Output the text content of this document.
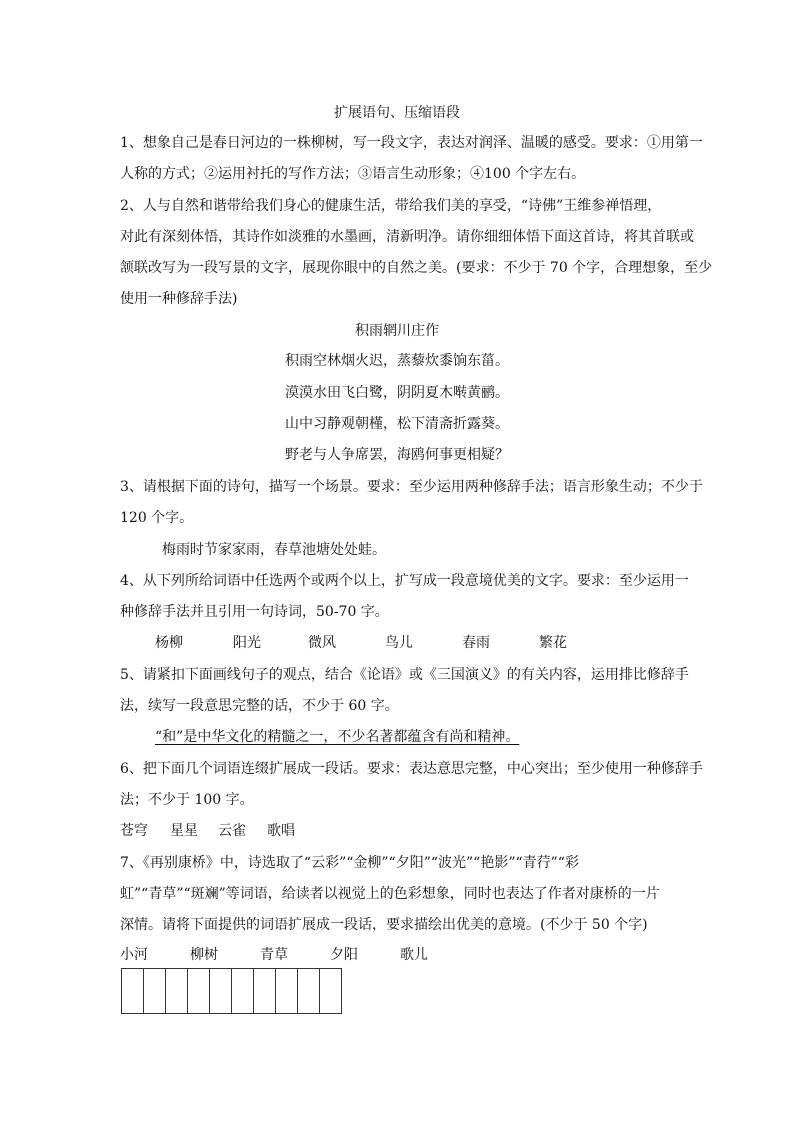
扩展语句、压缩语段
1、想象自己是春日河边的一株柳树，写一段文字，表达对润泽、温暖的感受。要求：①用第一
人称的方式；②运用衬托的写作方法；③语言生动形象；④100 个字左右。
2、人与自然和谐带给我们身心的健康生活，带给我们美的享受，“诗佛”王维参禅悟理，
对此有深刻体悟，其诗作如淡雅的水墨画，清新明净。请你细细体悟下面这首诗，将其首联或
颔联改写为一段写景的文字，展现你眼中的自然之美。(要求：不少于 70 个字，合理想象，至少
使用一种修辞手法)
积雨辋川庄作
积雨空林烟火迟，蒸藜炊黍饷东菑。
漠漠水田飞白鹭，阴阴夏木啭黄鹂。
山中习静观朝槿，松下清斋折露葵。
野老与人争席罢，海鸥何事更相疑？
3、请根据下面的诗句，描写一个场景。要求：至少运用两种修辞手法；语言形象生动；不少于
120 个字。
梅雨时节家家雨，春草池塘处处蛙。
4、从下列所给词语中任选两个或两个以上，扩写成一段意境优美的文字。要求：至少运用一
种修辞手法并且引用一句诗词，50-70 字。
杨柳	阳光	微风	鸟儿	春雨	繁花
5、请紧扣下面画线句子的观点，结合《论语》或《三国演义》的有关内容，运用排比修辞手
法，续写一段意思完整的话，不少于 60 字。
“和”是中华文化的精髓之一，不少名著都蕴含有尚和精神。
6、把下面几个词语连缀扩展成一段话。要求：表达意思完整，中心突出；至少使用一种修辞手
法；不少于 100 字。
苍穹 星星 云雀 歌唱
7、《再别康桥》中，诗选取了“云彩”“金柳”“夕阳”“波光”“艳影”“青荇”“彩
虹”“青草”“斑斓”等词语，给读者以视觉上的色彩想象，同时也表达了作者对康桥的一片
深情。请将下面提供的词语扩展成一段话，要求描绘出优美的意境。(不少于 50 个字)
小河	柳树	青草	夕阳	歌儿
